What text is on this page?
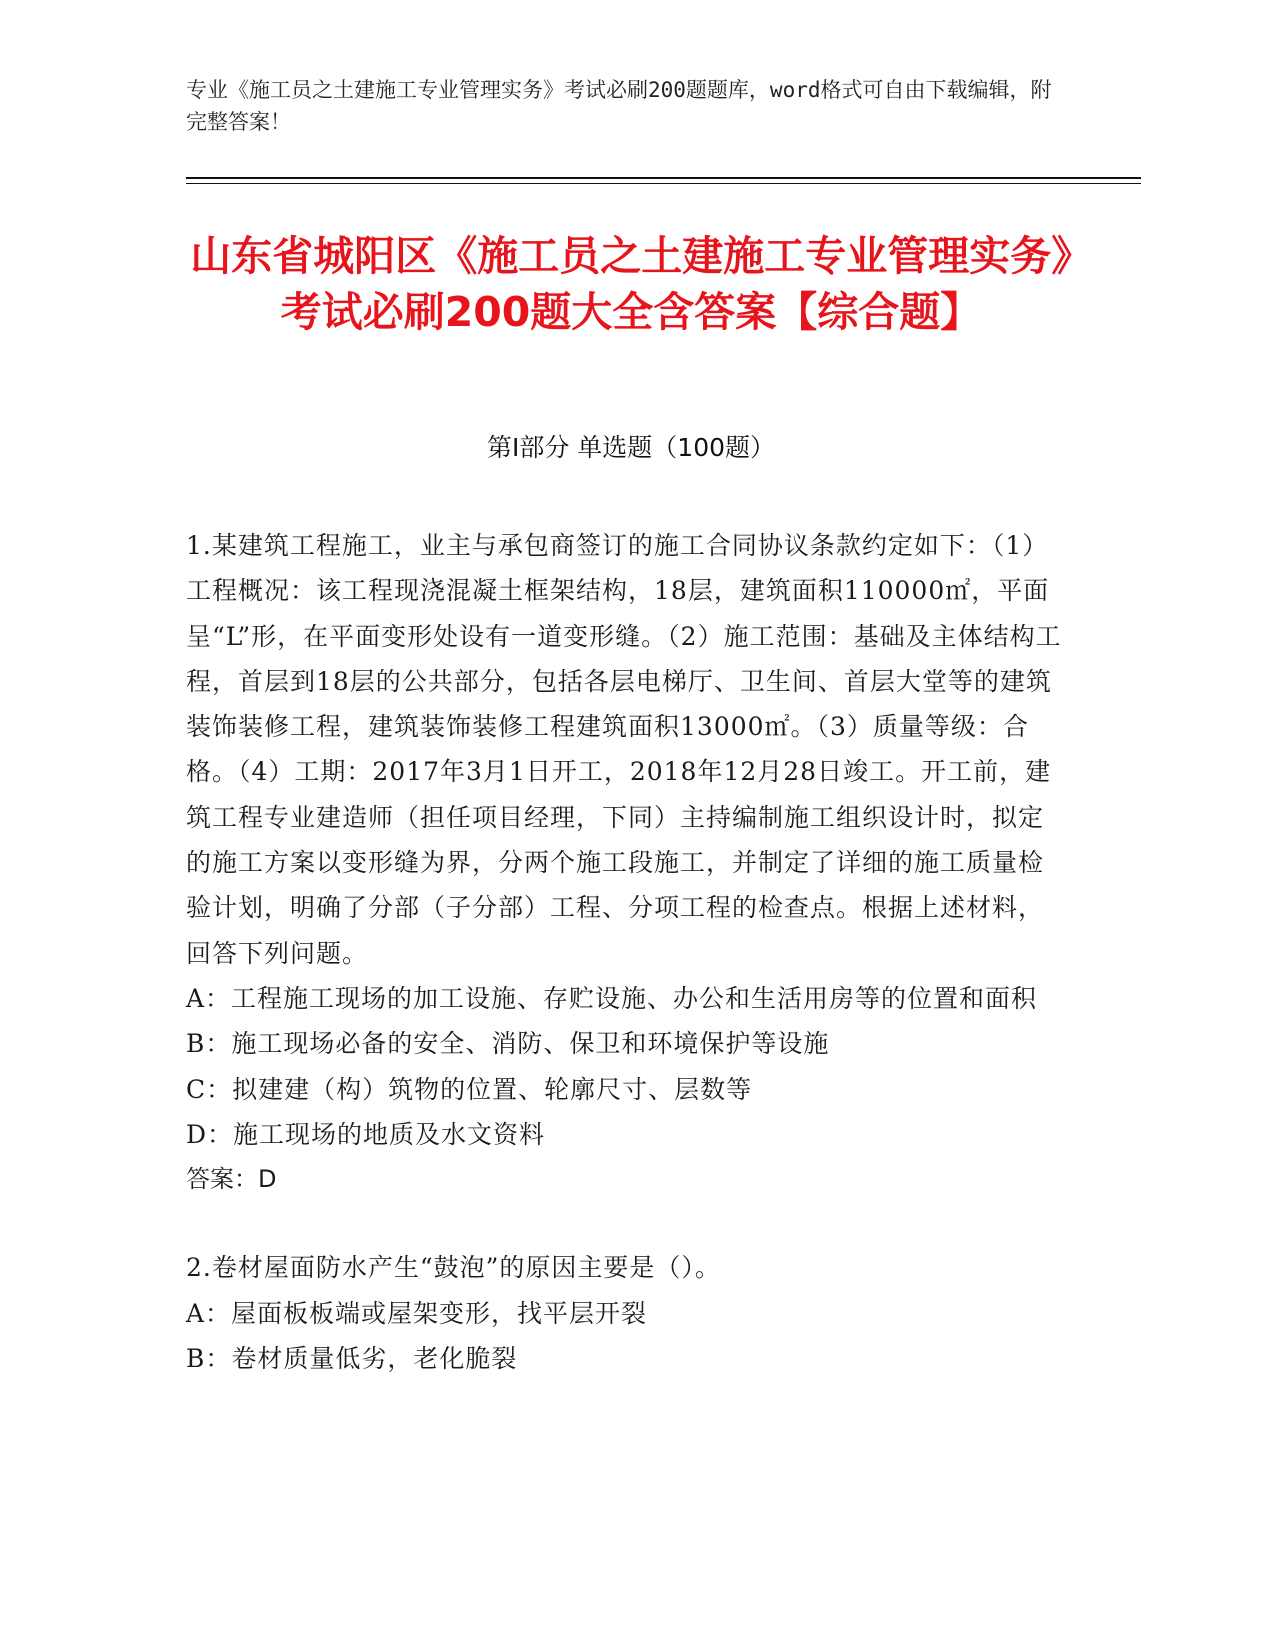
专业《施工员之土建施工专业管理实务》考试必刷200题题库，word格式可自由下载编辑，附完整答案！
山东省城阳区《施工员之土建施工专业管理实务》考试必刷200题大全含答案【综合题】
第I部分 单选题（100题）

1.某建筑工程施工，业主与承包商签订的施工合同协议条款约定如下：（1）工程概况：该工程现浇混凝土框架结构，18层，建筑面积110000㎡，平面呈“L”形，在平面变形处设有一道变形缝。（2）施工范围：基础及主体结构工程，首层到18层的公共部分，包括各层电梯厅、卫生间、首层大堂等的建筑装饰装修工程，建筑装饰装修工程建筑面积13000㎡。（3）质量等级：合格。（4）工期：2017年3月1日开工，2018年12月28日竣工。开工前，建筑工程专业建造师（担任项目经理，下同）主持编制施工组织设计时，拟定的施工方案以变形缝为界，分两个施工段施工，并制定了详细的施工质量检验计划，明确了分部（子分部）工程、分项工程的检查点。根据上述材料，回答下列问题。

A：工程施工现场的加工设施、存贮设施、办公和生活用房等的位置和面积

B：施工现场必备的安全、消防、保卫和环境保护等设施

C：拟建建（构）筑物的位置、轮廓尺寸、层数等

D：施工现场的地质及水文资料

答案：D

2.卷材屋面防水产生“鼓泡”的原因主要是（）。

A：屋面板板端或屋架变形，找平层开裂

B：卷材质量低劣，老化脆裂
